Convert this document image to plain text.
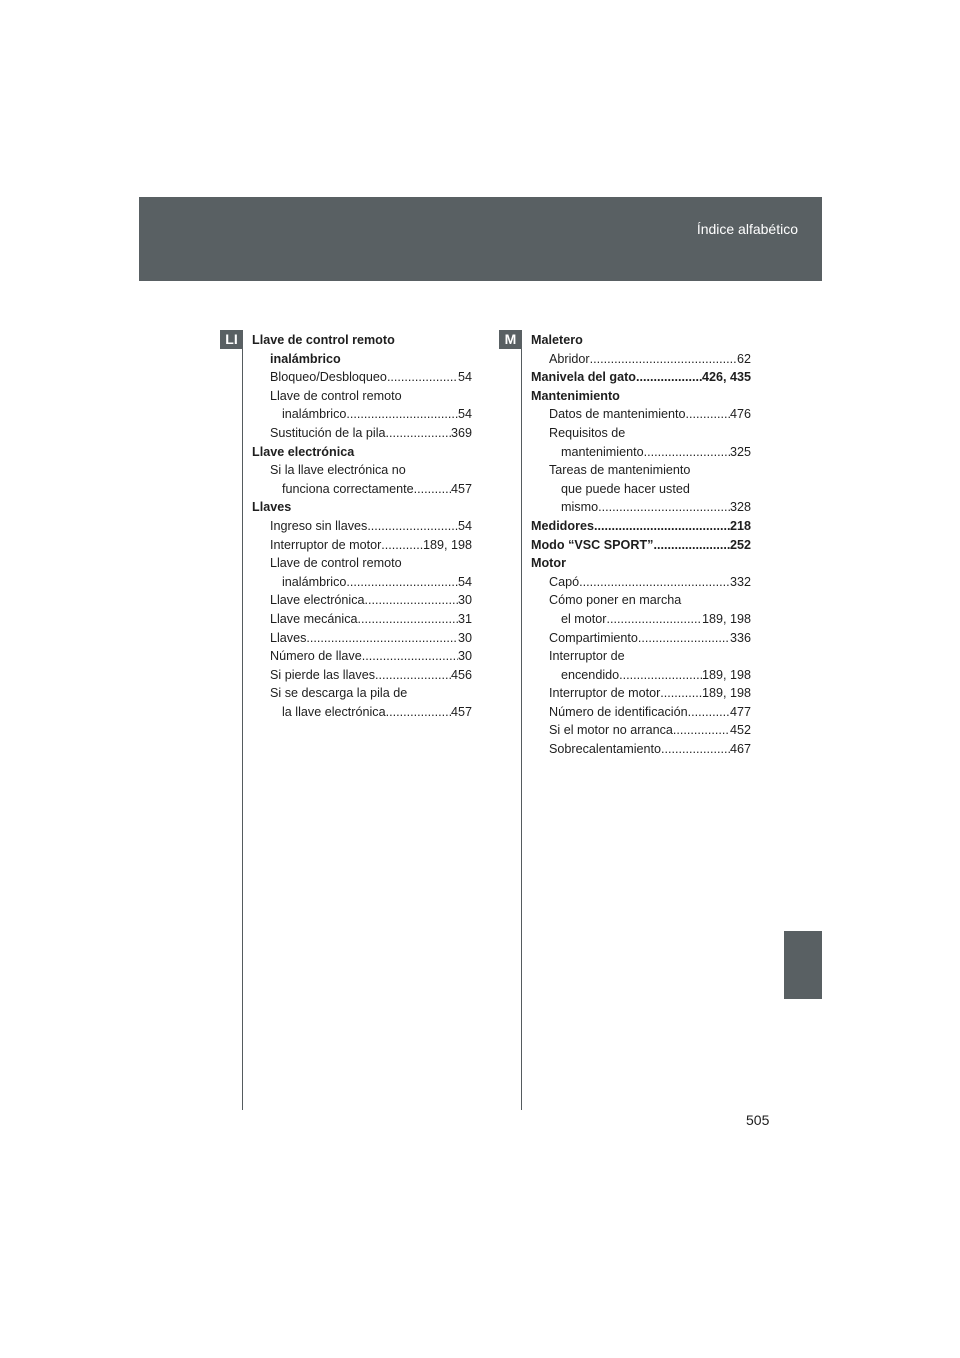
Índice alfabético
LI	M
Llave de control remoto
inalámbrico
Bloqueo/Desbloqueo .....	54
Llave de control remoto
inalámbrico .....	54
Sustitución de la pila .....	369
Llave electrónica
Si la llave electrónica no
funciona correctamente .....	457
Llaves
Ingreso sin llaves .....	54
Interruptor de motor .....	189, 198
Llave de control remoto
inalámbrico .....	54
Llave electrónica .....	30
Llave mecánica .....	31
Llaves .....	30
Número de llave .....	30
Si pierde las llaves .....	456
Si se descarga la pila de
la llave electrónica .....	457
Maletero
Abridor .....	62
Manivela del gato .....	426, 435
Mantenimiento
Datos de mantenimiento .....	476
Requisitos de
mantenimiento .....	325
Tareas de mantenimiento
que puede hacer usted
mismo .....	328
Medidores .....	218
Modo “VSC SPORT” .....	252
Motor
Capó .....	332
Cómo poner en marcha
el motor .....	189, 198
Compartimiento .....	336
Interruptor de
encendido .....	189, 198
Interruptor de motor .....	189, 198
Número de identificación .....	477
Si el motor no arranca .....	452
Sobrecalentamiento .....	467
505
